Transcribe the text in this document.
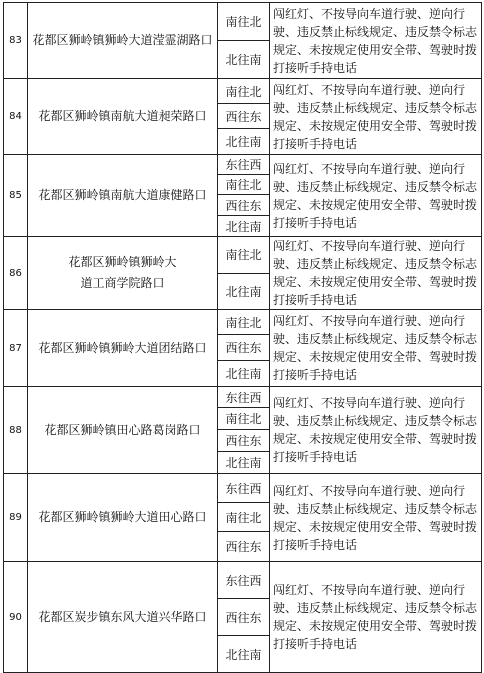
83	花都区狮岭镇狮岭大道滢霊湖路口	南往北	闯红灯、不按导向车道行驶、逆向行驶、违反禁止标线规定、违反禁令标志规定、未按规定使用安全带、驾驶时拨打接听手持电话
		北往南	
84	花都区狮岭镇南航大道昶荣路口	南往北	闯红灯、不按导向车道行驶、逆向行驶、违反禁止标线规定、违反禁令标志规定、未按规定使用安全带、驾驶时拨打接听手持电话
		西往东	
		北往南	
85	花都区狮岭镇南航大道康健路口	东往西	闯红灯、不按导向车道行驶、逆向行驶、违反禁止标线规定、违反禁令标志规定、未按规定使用安全带、驾驶时拨打接听手持电话
		南往北	
		西往东	
		北往南	
86	花都区狮岭镇狮岭大道工商学院路口	南往北	闯红灯、不按导向车道行驶、逆向行驶、违反禁止标线规定、违反禁令标志规定、未按规定使用安全带、驾驶时拨打接听手持电话
		北往南	
87	花都区狮岭镇狮岭大道团结路口	南往北	闯红灯、不按导向车道行驶、逆向行驶、违反禁止标线规定、违反禁令标志规定、未按规定使用安全带、驾驶时拨打接听手持电话
		西往东	
		北往南	
88	花都区狮岭镇田心路葛岗路口	东往西	闯红灯、不按导向车道行驶、逆向行驶、违反禁止标线规定、违反禁令标志规定、未按规定使用安全带、驾驶时拨打接听手持电话
		南往北	
		西往东	
		北往南	
89	花都区狮岭镇狮岭大道田心路口	东往西	闯红灯、不按导向车道行驶、逆向行驶、违反禁止标线规定、违反禁令标志规定、未按规定使用安全带、驾驶时拨打接听手持电话
		南往北	
		西往东	
90	花都区炭步镇东风大道兴华路口	东往西	闯红灯、不按导向车道行驶、逆向行驶、违反禁止标线规定、违反禁令标志规定、未按规定使用安全带、驾驶时拨打接听手持电话
		西往东	
		北往南	
